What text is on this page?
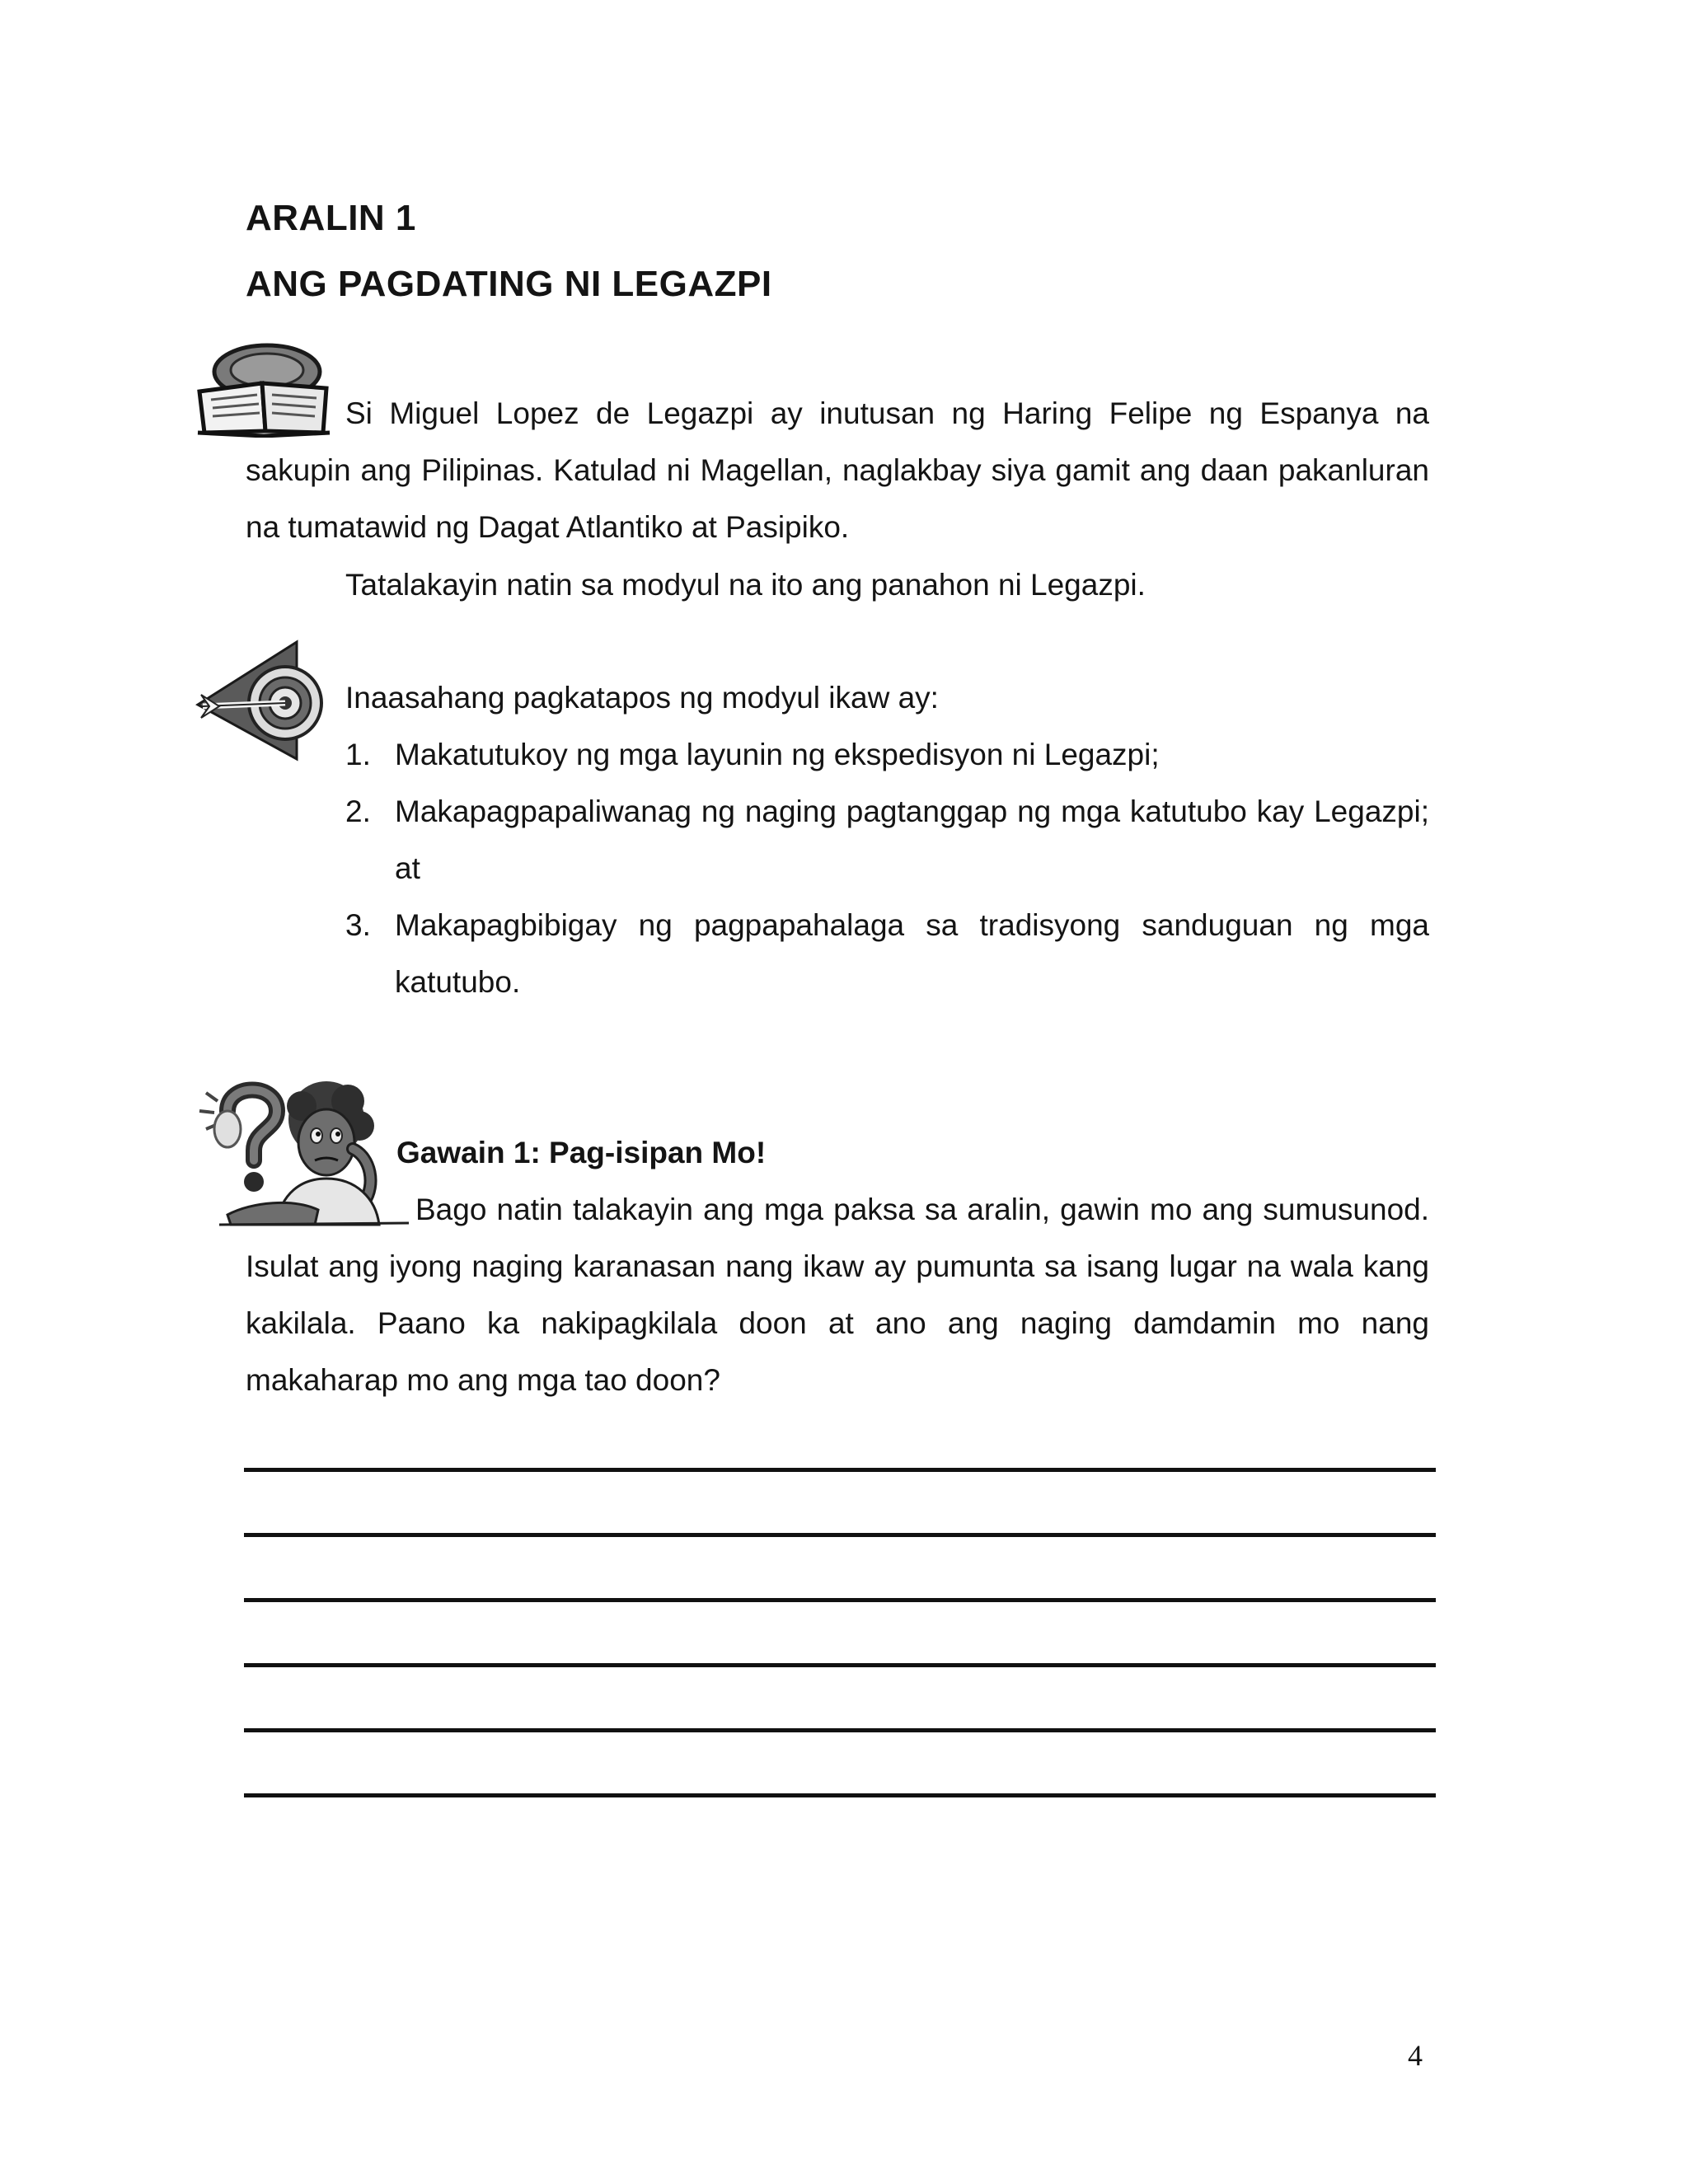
ARALIN 1
ANG PAGDATING NI LEGAZPI

Si Miguel Lopez de Legazpi ay inutusan ng Haring Felipe ng Espanya na sakupin ang Pilipinas. Katulad ni Magellan, naglakbay siya gamit ang daan pakanluran na tumatawid ng Dagat Atlantiko at Pasipiko.

Tatalakayin natin sa modyul na ito ang panahon ni Legazpi.

Inaasahang pagkatapos ng modyul ikaw ay:
1. Makatutukoy ng mga layunin ng ekspedisyon ni Legazpi;
2. Makapagpapaliwanag ng naging pagtanggap ng mga katutubo kay Legazpi; at
3. Makapagbibigay ng pagpapahalaga sa tradisyong sanduguan ng mga katutubo.
Gawain 1: Pag-isipan Mo!

Bago natin talakayin ang mga paksa sa aralin, gawin mo ang sumusunod. Isulat ang iyong naging karanasan nang ikaw ay pumunta sa isang lugar na wala kang kakilala. Paano ka nakipagkilala doon at ano ang naging damdamin mo nang makaharap mo ang mga tao doon?

4
